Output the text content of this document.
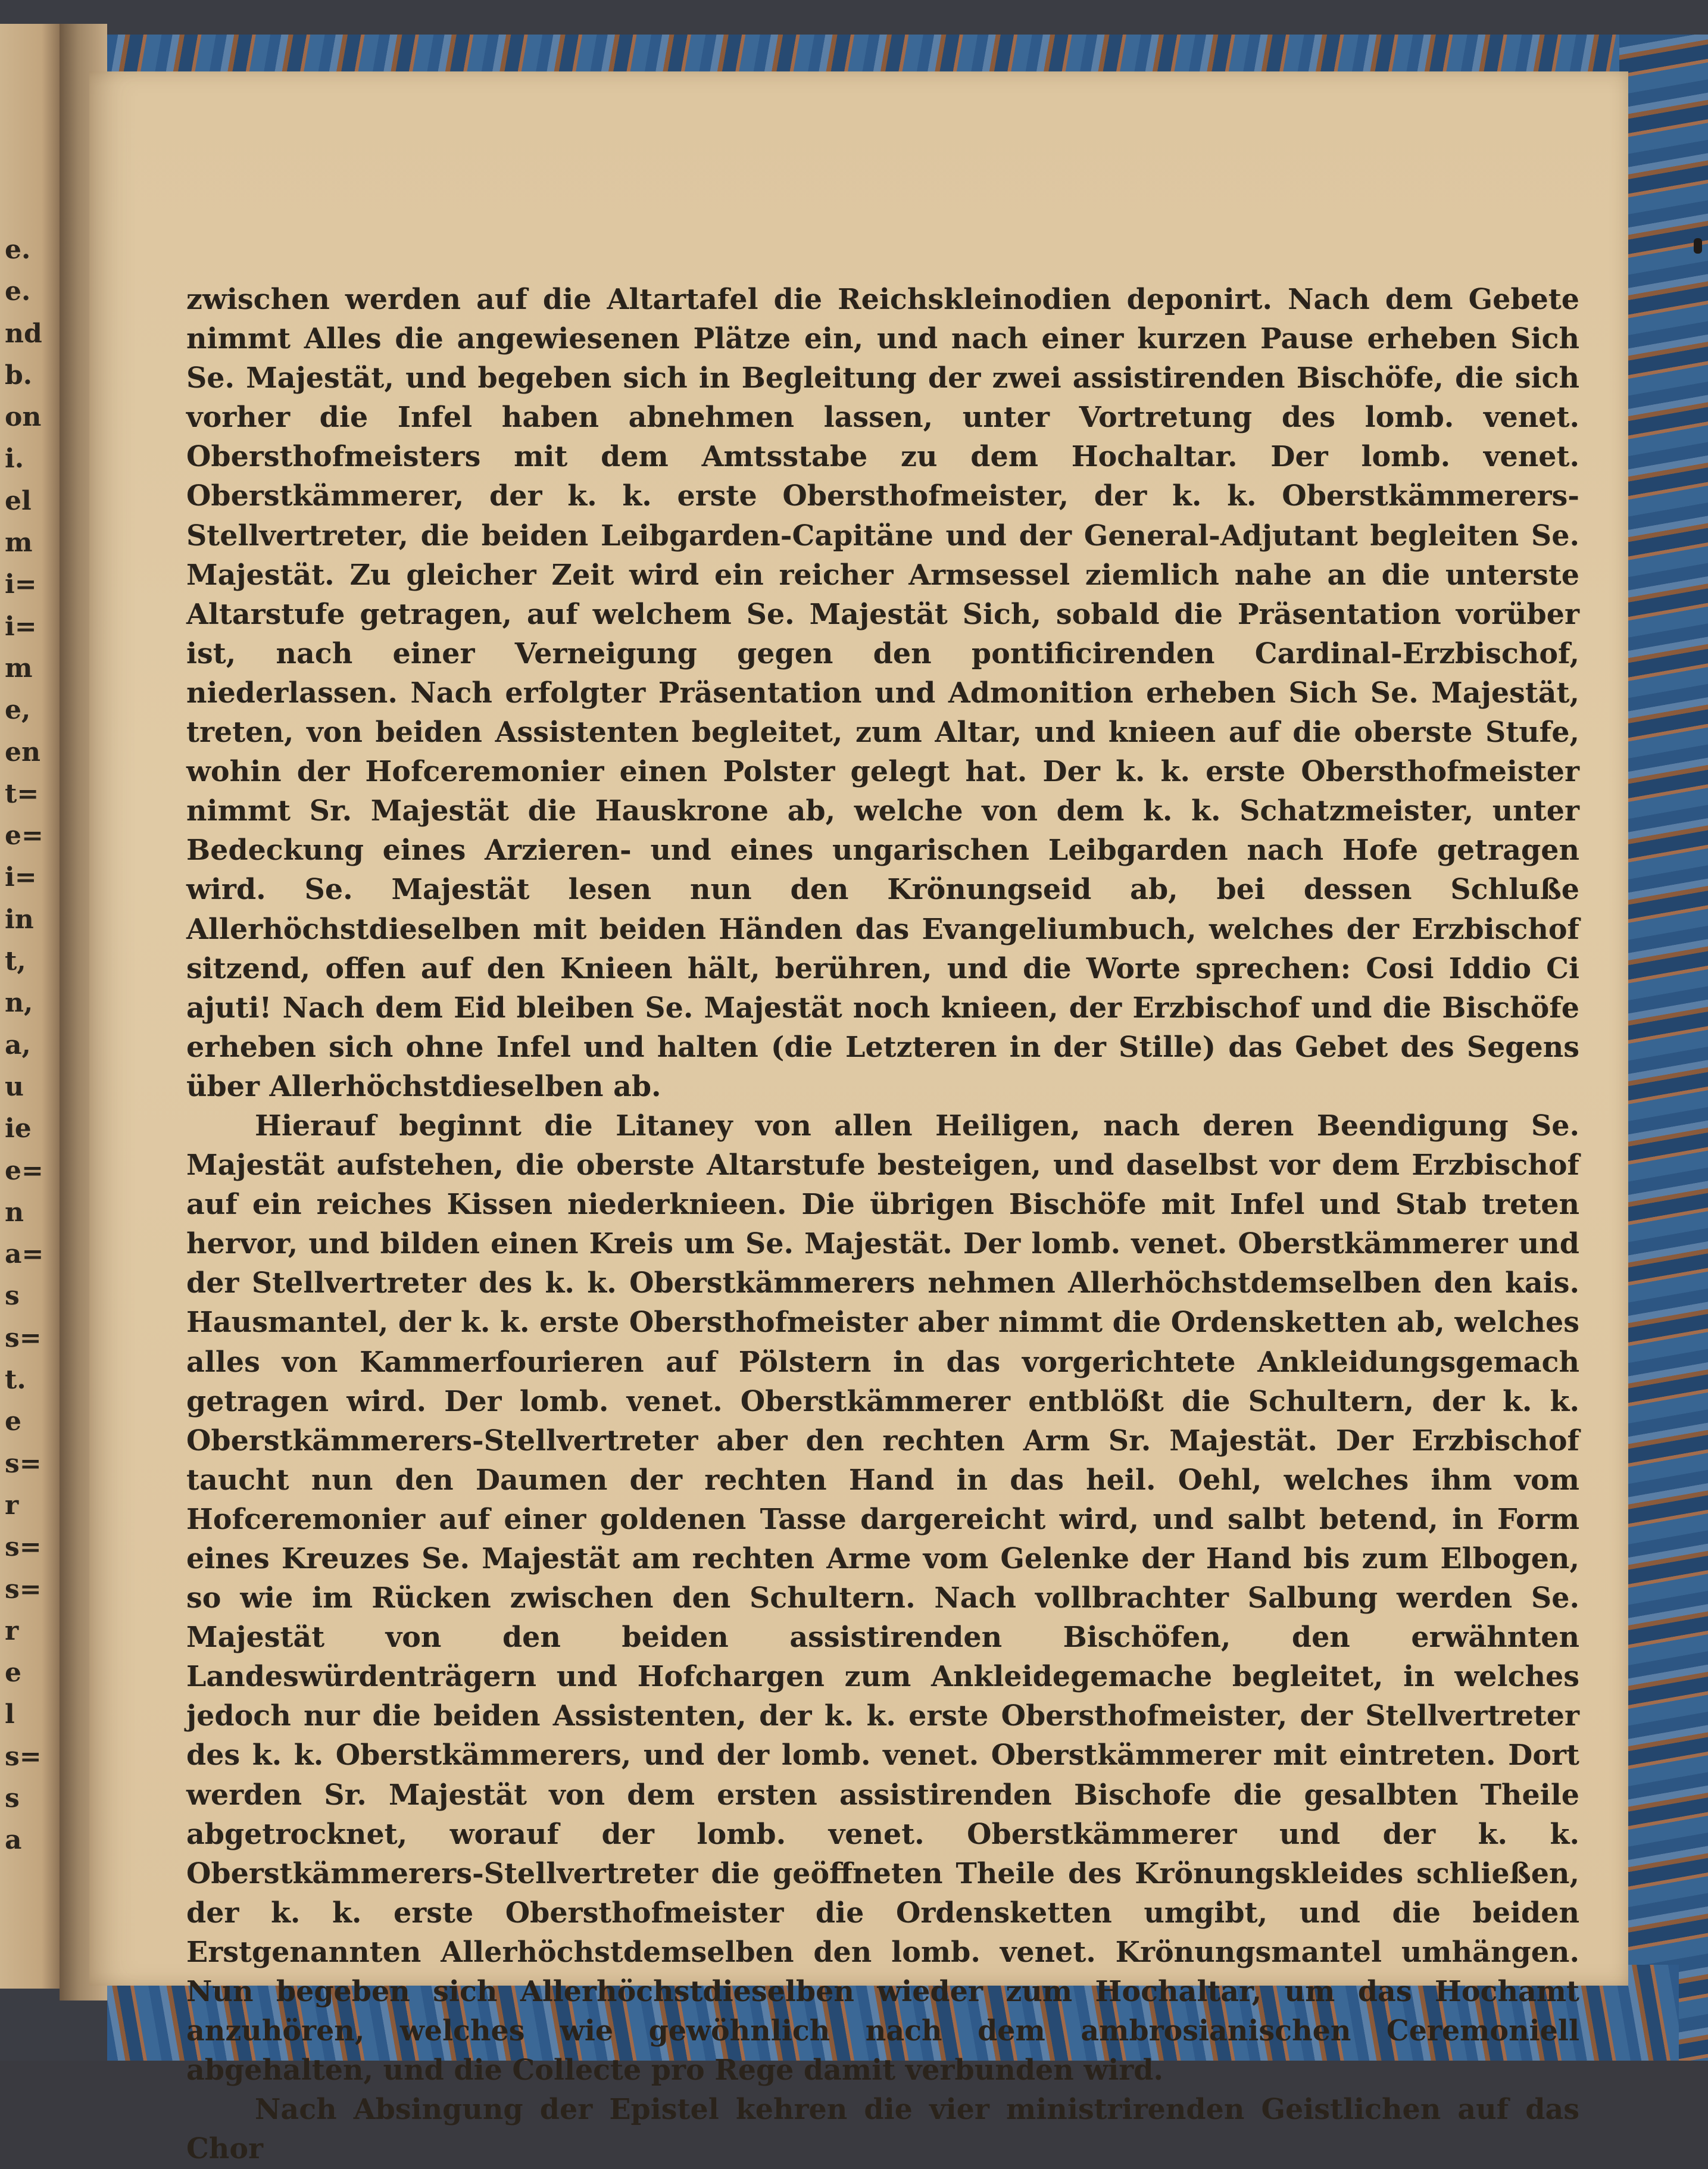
e.
e.
nd
b.
on
i.
el
m
i=
i=
m
e,
en
t=
e=
i=
in
t,
n,
a,
u
ie
e=
n
a=
s
s=
t.
e
s=
r
s=
s=
r
e
l
s=
s
a

zwischen werden auf die Altartafel die Reichskleinodien deponirt. Nach dem Gebete nimmt Alles die angewiesenen Plätze ein, und nach einer kurzen Pause erheben Sich Se. Majestät, und begeben sich in Begleitung der zwei assistirenden Bischöfe, die sich vorher die Infel haben abnehmen lassen, unter Vortretung des lomb. venet. Obersthofmeisters mit dem Amtsstabe zu dem Hochaltar. Der lomb. venet. Oberstkämmerer, der k. k. erste Obersthofmeister, der k. k. Oberstkämmerers-Stellvertreter, die beiden Leibgarden-Capitäne und der General-Adjutant begleiten Se. Majestät. Zu gleicher Zeit wird ein reicher Armsessel ziemlich nahe an die unterste Altarstufe getragen, auf welchem Se. Majestät Sich, sobald die Präsentation vorüber ist, nach einer Verneigung gegen den pontificirenden Cardinal-Erzbischof, niederlassen. Nach erfolgter Präsentation und Admonition erheben Sich Se. Majestät, treten, von beiden Assistenten begleitet, zum Altar, und knieen auf die oberste Stufe, wohin der Hofceremonier einen Polster gelegt hat. Der k. k. erste Obersthofmeister nimmt Sr. Majestät die Hauskrone ab, welche von dem k. k. Schatzmeister, unter Bedeckung eines Arzieren- und eines ungarischen Leibgarden nach Hofe getragen wird. Se. Majestät lesen nun den Krönungseid ab, bei dessen Schluße Allerhöchstdieselben mit beiden Händen das Evangeliumbuch, welches der Erzbischof sitzend, offen auf den Knieen hält, berühren, und die Worte sprechen: Cosi Iddio Ci ajuti! Nach dem Eid bleiben Se. Majestät noch knieen, der Erzbischof und die Bischöfe erheben sich ohne Infel und halten (die Letzteren in der Stille) das Gebet des Segens über Allerhöchstdieselben ab.

Hierauf beginnt die Litaney von allen Heiligen, nach deren Beendigung Se. Majestät aufstehen, die oberste Altarstufe besteigen, und daselbst vor dem Erzbischof auf ein reiches Kissen niederknieen. Die übrigen Bischöfe mit Infel und Stab treten hervor, und bilden einen Kreis um Se. Majestät. Der lomb. venet. Oberstkämmerer und der Stellvertreter des k. k. Oberstkämmerers nehmen Allerhöchstdemselben den kais. Hausmantel, der k. k. erste Obersthofmeister aber nimmt die Ordensketten ab, welches alles von Kammerfourieren auf Pölstern in das vorgerichtete Ankleidungsgemach getragen wird. Der lomb. venet. Oberstkämmerer entblößt die Schultern, der k. k. Oberstkämmerers-Stellvertreter aber den rechten Arm Sr. Majestät. Der Erzbischof taucht nun den Daumen der rechten Hand in das heil. Oehl, welches ihm vom Hofceremonier auf einer goldenen Tasse dargereicht wird, und salbt betend, in Form eines Kreuzes Se. Majestät am rechten Arme vom Gelenke der Hand bis zum Elbogen, so wie im Rücken zwischen den Schultern. Nach vollbrachter Salbung werden Se. Majestät von den beiden assistirenden Bischöfen, den erwähnten Landeswürdenträgern und Hofchargen zum Ankleidegemache begleitet, in welches jedoch nur die beiden Assistenten, der k. k. erste Obersthofmeister, der Stellvertreter des k. k. Oberstkämmerers, und der lomb. venet. Oberstkämmerer mit eintreten. Dort werden Sr. Majestät von dem ersten assistirenden Bischofe die gesalbten Theile abgetrocknet, worauf der lomb. venet. Oberstkämmerer und der k. k. Oberstkämmerers-Stellvertreter die geöffneten Theile des Krönungskleides schließen, der k. k. erste Obersthofmeister die Ordensketten umgibt, und die beiden Erstgenannten Allerhöchstdemselben den lomb. venet. Krönungsmantel umhängen. Nun begeben sich Allerhöchstdieselben wieder zum Hochaltar, um das Hochamt anzuhören, welches wie gewöhnlich nach dem ambrosianischen Ceremoniell abgehalten, und die Collecte pro Rege damit verbunden wird.

Nach Absingung der Epistel kehren die vier ministrirenden Geistlichen auf das Chor
